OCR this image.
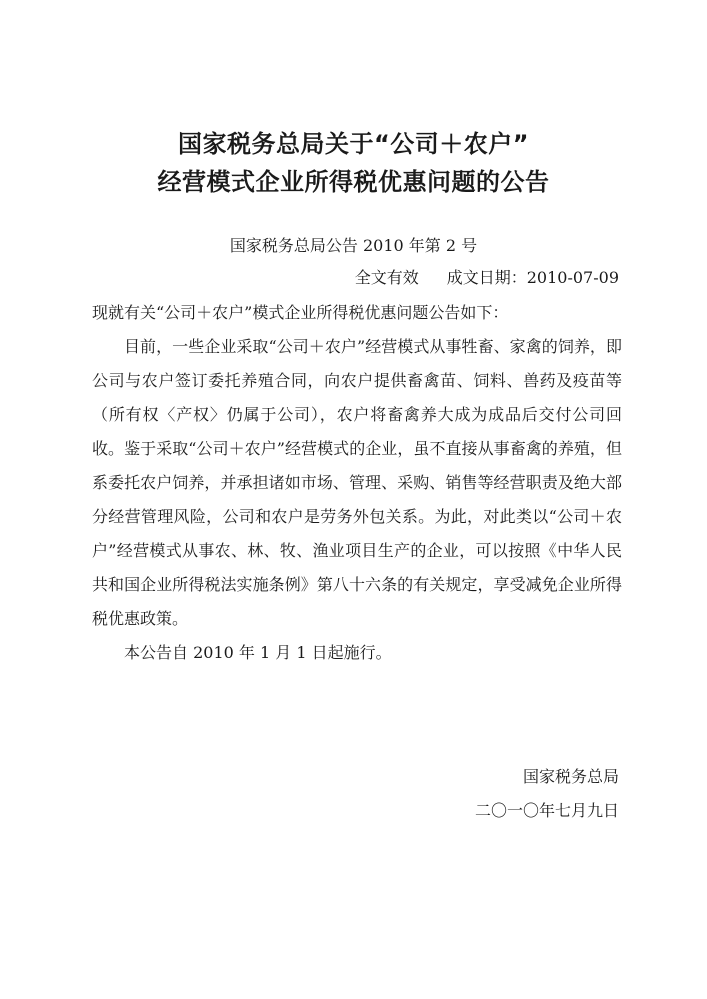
国家税务总局关于“公司＋农户”
经营模式企业所得税优惠问题的公告
国家税务总局公告 2010 年第 2 号
全文有效 成文日期：2010-07-09

现就有关“公司＋农户”模式企业所得税优惠问题公告如下：

目前，一些企业采取“公司＋农户”经营模式从事牲畜、家禽的饲养，即公司与农户签订委托养殖合同，向农户提供畜禽苗、饲料、兽药及疫苗等（所有权〈产权〉仍属于公司），农户将畜禽养大成为成品后交付公司回收。鉴于采取“公司＋农户”经营模式的企业，虽不直接从事畜禽的养殖，但系委托农户饲养，并承担诸如市场、管理、采购、销售等经营职责及绝大部分经营管理风险，公司和农户是劳务外包关系。为此，对此类以“公司＋农户”经营模式从事农、林、牧、渔业项目生产的企业，可以按照《中华人民共和国企业所得税法实施条例》第八十六条的有关规定，享受减免企业所得税优惠政策。

本公告自 2010 年 1 月 1 日起施行。

国家税务总局
二〇一〇年七月九日
